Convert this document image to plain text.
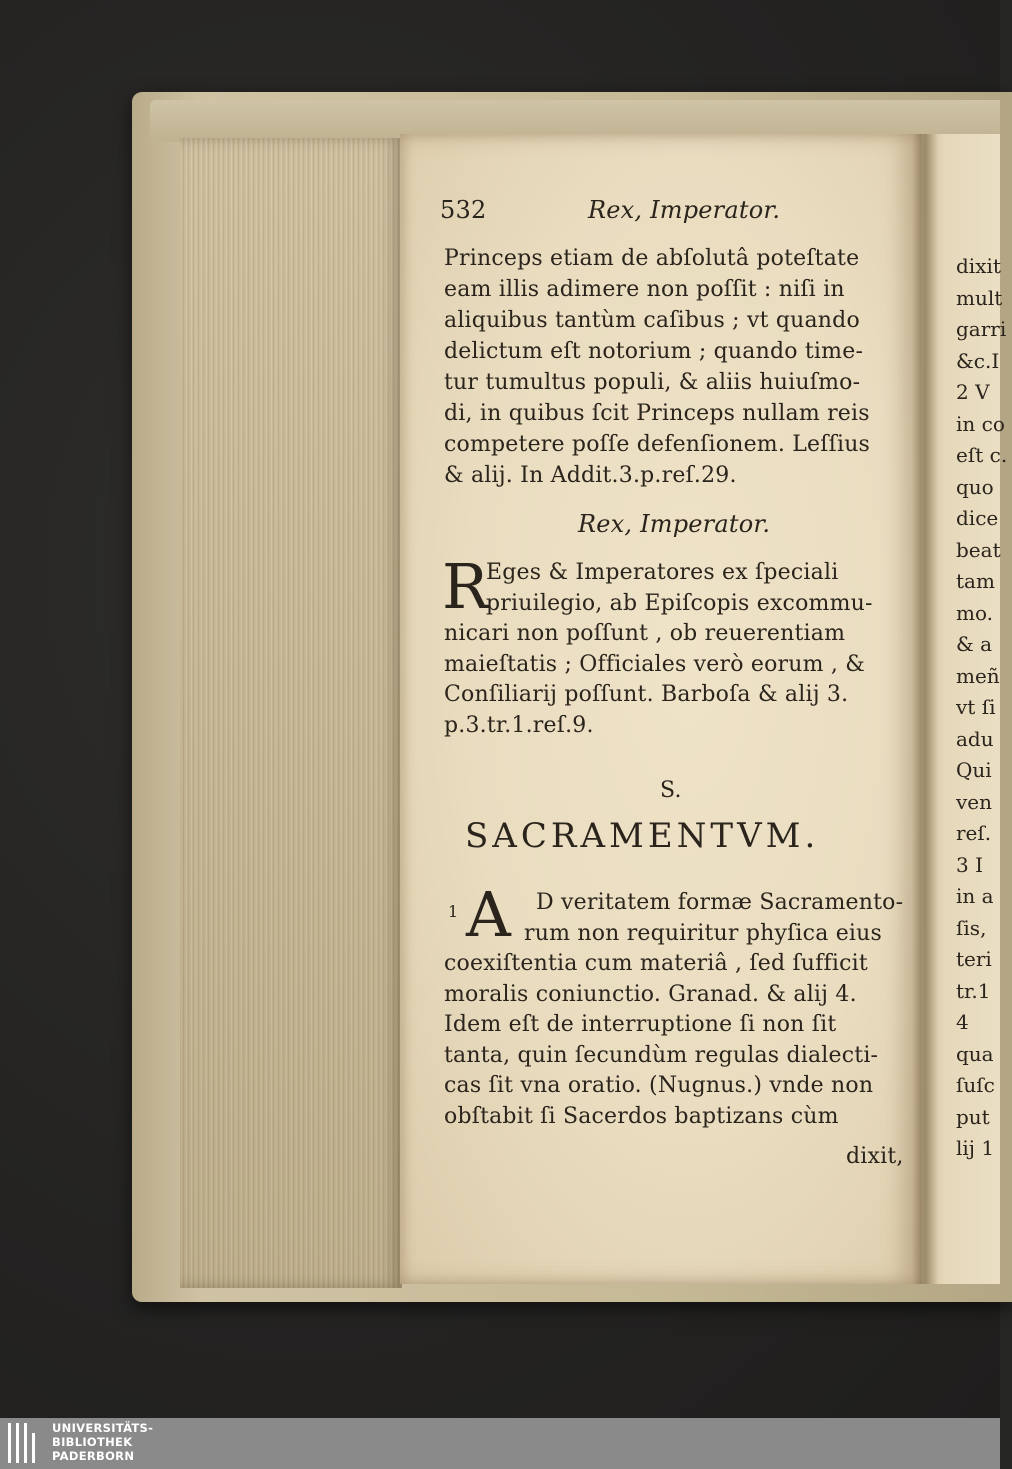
dixit
mult
garri
&c.I
2 V
in co
eſt c.
quo
dice
beat
tam
mo.
& a
meñ
vt ſi
adu
Qui
ven
reſ.
3 I
in a
ſis,
teri
tr.1
4
qua
ſuſc
put
lij 1
532	Rex, Imperator.
Princeps etiam de abſolutâ poteſtate
eam illis adimere non poſſit : niſi in
aliquibus tantùm caſibus ; vt quando
delictum eſt notorium ; quando time-
tur tumultus populi, & aliis huiuſmo-
di, in quibus ſcit Princeps nullam reis
competere poſſe defenſionem. Leſſius
& alij. In Addit.3.p.reſ.29.
Rex, Imperator.
R
Eges & Imperatores ex ſpeciali
priuilegio, ab Epiſcopis excommu-
nicari non poſſunt , ob reuerentiam
maieſtatis ; Officiales verò eorum , &
Conſiliarij poſſunt. Barboſa & alij 3.
p.3.tr.1.reſ.9.
S.
SACRAMENTVM.
1 A D veritatem formæ Sacramento-
rum non requiritur phyſica eius
coexiſtentia cum materiâ , ſed ſufficit
moralis coniunctio. Granad. & alij 4.
Idem eſt de interruptione ſi non ſit
tanta, quin ſecundùm regulas dialecti-
cas ſit vna oratio. (Nugnus.) vnde non
obſtabit ſi Sacerdos baptizans cùm
dixit,
UNIVERSITÄTS-
BIBLIOTHEK
PADERBORN
